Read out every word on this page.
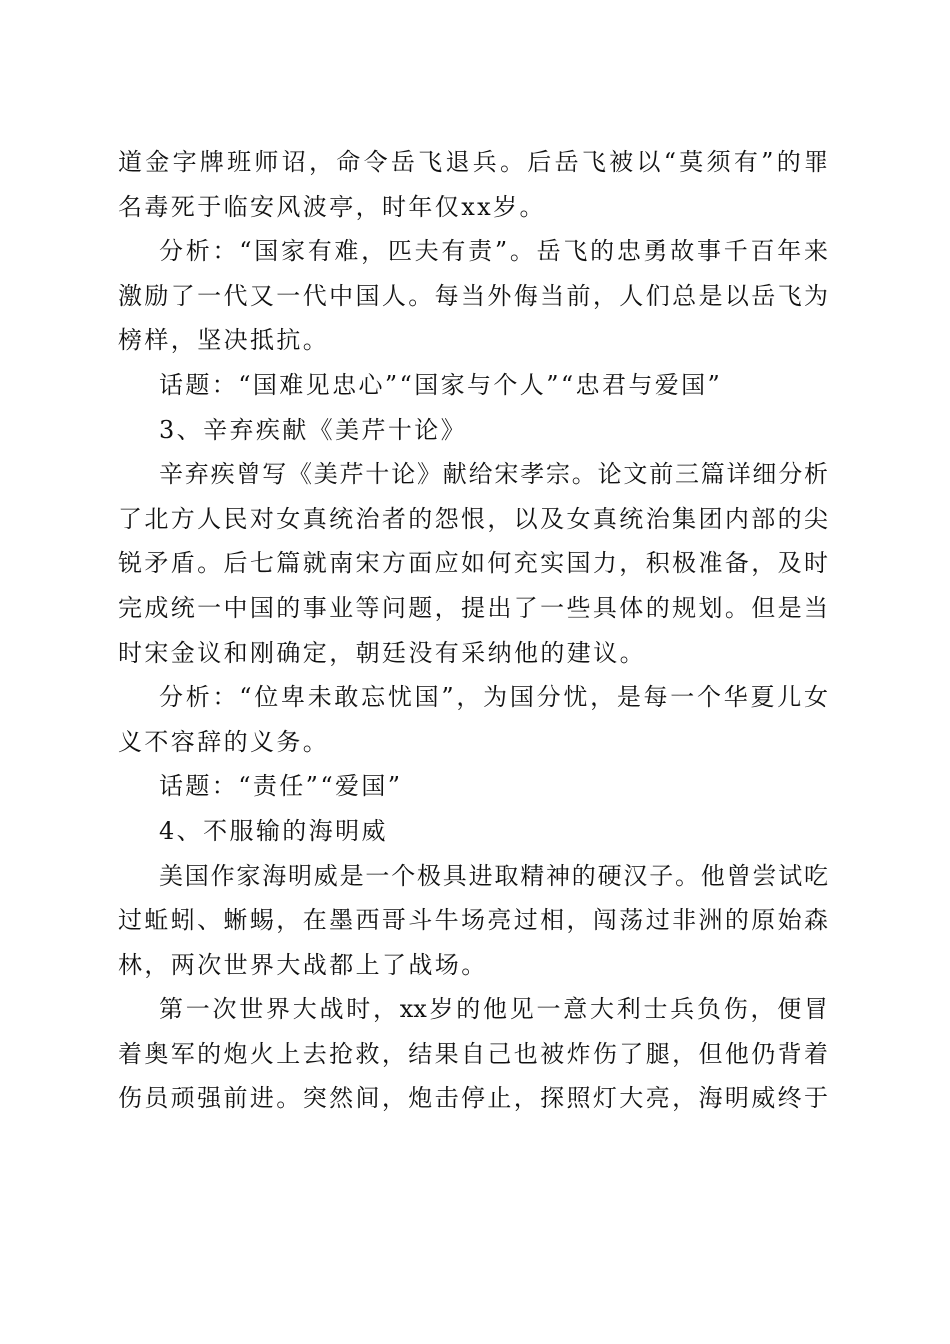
道金字牌班师诏，命令岳飞退兵。后岳飞被以“莫须有”的罪
名毒死于临安风波亭，时年仅xx岁。
分析：“国家有难，匹夫有责”。岳飞的忠勇故事千百年来
激励了一代又一代中国人。每当外侮当前，人们总是以岳飞为
榜样，坚决抵抗。
话题：“国难见忠心”“国家与个人”“忠君与爱国”
3、辛弃疾献《美芹十论》
辛弃疾曾写《美芹十论》献给宋孝宗。论文前三篇详细分析
了北方人民对女真统治者的怨恨，以及女真统治集团内部的尖
锐矛盾。后七篇就南宋方面应如何充实国力，积极准备，及时
完成统一中国的事业等问题，提出了一些具体的规划。但是当
时宋金议和刚确定，朝廷没有采纳他的建议。
分析：“位卑未敢忘忧国”，为国分忧，是每一个华夏儿女
义不容辞的义务。
话题：“责任”“爱国”
4、不服输的海明威
美国作家海明威是一个极具进取精神的硬汉子。他曾尝试吃
过蚯蚓、蜥蜴，在墨西哥斗牛场亮过相，闯荡过非洲的原始森
林，两次世界大战都上了战场。
第一次世界大战时，xx岁的他见一意大利士兵负伤，便冒
着奥军的炮火上去抢救，结果自己也被炸伤了腿，但他仍背着
伤员顽强前进。突然间，炮击停止，探照灯大亮，海明威终于
